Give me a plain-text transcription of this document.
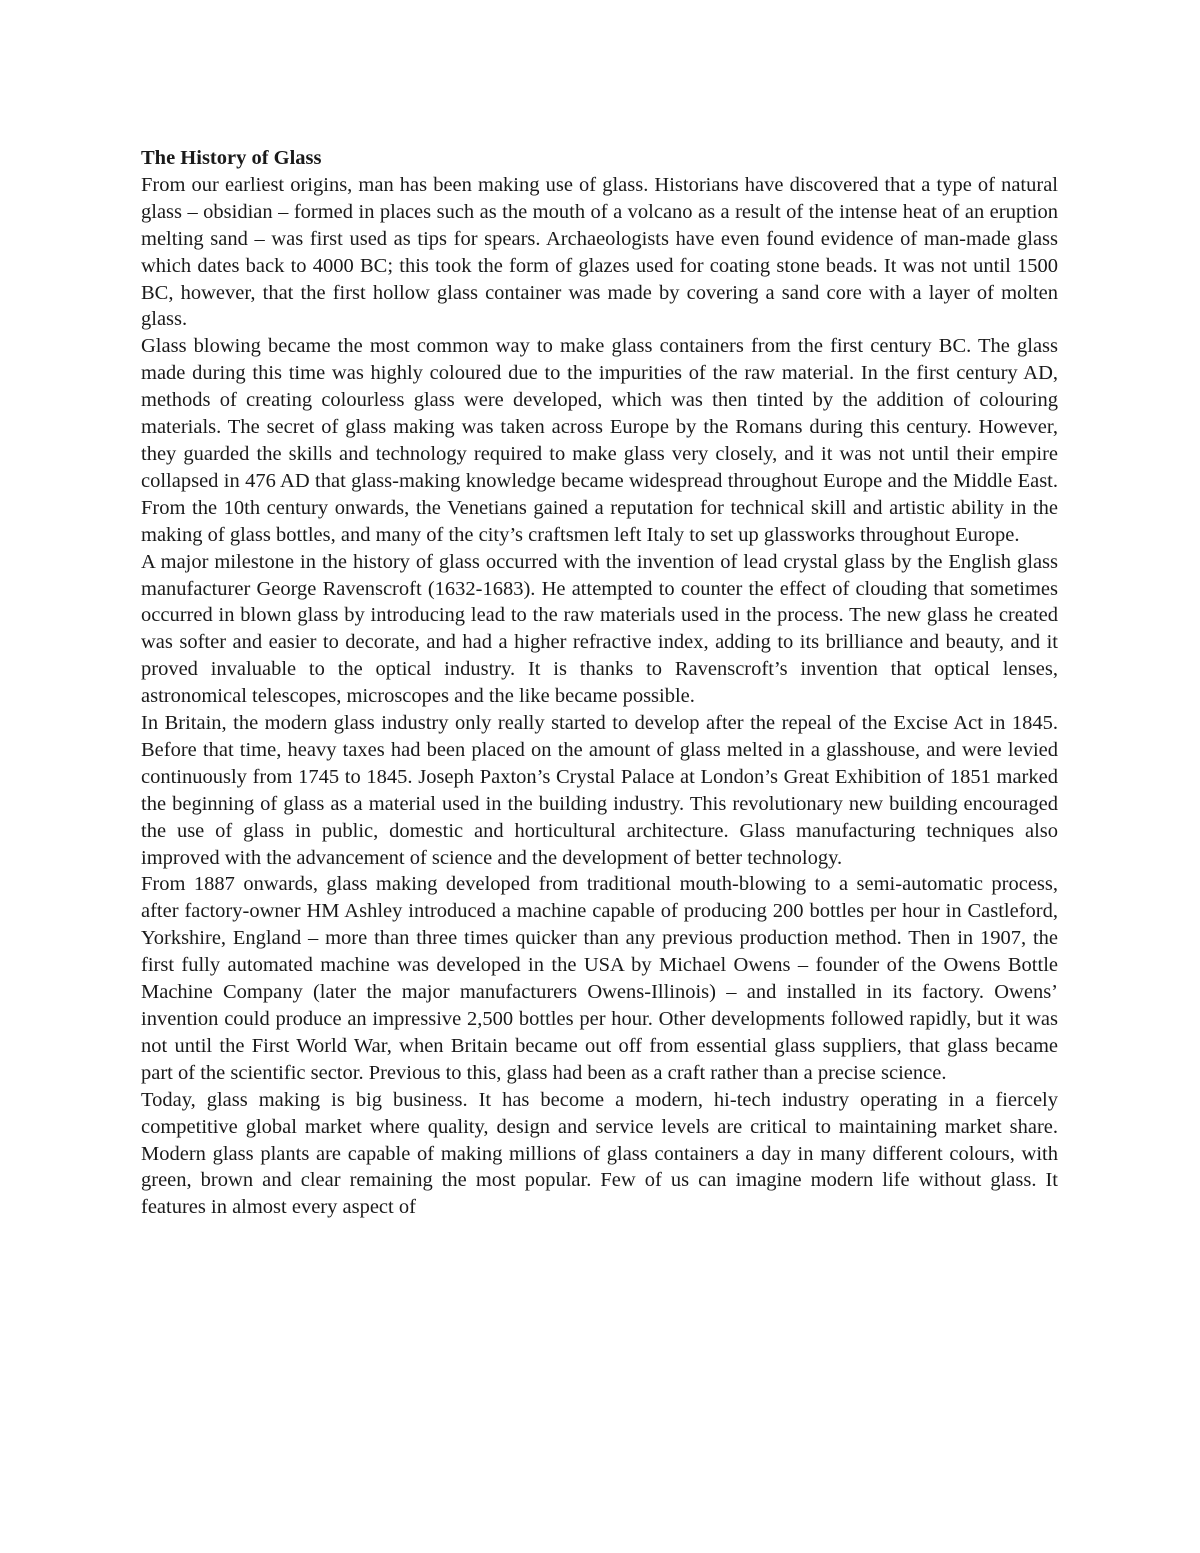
The History of Glass
From our earliest origins, man has been making use of glass. Historians have discovered that a type of natural glass – obsidian – formed in places such as the mouth of a volcano as a result of the intense heat of an eruption melting sand – was first used as tips for spears. Archaeologists have even found evidence of man-made glass which dates back to 4000 BC; this took the form of glazes used for coating stone beads. It was not until 1500 BC, however, that the first hollow glass container was made by covering a sand core with a layer of molten glass.
Glass blowing became the most common way to make glass containers from the first century BC. The glass made during this time was highly coloured due to the impurities of the raw material. In the first century AD, methods of creating colourless glass were developed, which was then tinted by the addition of colouring materials. The secret of glass making was taken across Europe by the Romans during this century. However, they guarded the skills and technology required to make glass very closely, and it was not until their empire collapsed in 476 AD that glass-making knowledge became widespread throughout Europe and the Middle East. From the 10th century onwards, the Venetians gained a reputation for technical skill and artistic ability in the making of glass bottles, and many of the city’s craftsmen left Italy to set up glassworks throughout Europe.
A major milestone in the history of glass occurred with the invention of lead crystal glass by the English glass manufacturer George Ravenscroft (1632-1683). He attempted to counter the effect of clouding that sometimes occurred in blown glass by introducing lead to the raw materials used in the process. The new glass he created was softer and easier to decorate, and had a higher refractive index, adding to its brilliance and beauty, and it proved invaluable to the optical industry. It is thanks to Ravenscroft’s invention that optical lenses, astronomical telescopes, microscopes and the like became possible.
In Britain, the modern glass industry only really started to develop after the repeal of the Excise Act in 1845. Before that time, heavy taxes had been placed on the amount of glass melted in a glasshouse, and were levied continuously from 1745 to 1845. Joseph Paxton’s Crystal Palace at London’s Great Exhibition of 1851 marked the beginning of glass as a material used in the building industry. This revolutionary new building encouraged the use of glass in public, domestic and horticultural architecture. Glass manufacturing techniques also improved with the advancement of science and the development of better technology.
From 1887 onwards, glass making developed from traditional mouth-blowing to a semi-automatic process, after factory-owner HM Ashley introduced a machine capable of producing 200 bottles per hour in Castleford, Yorkshire, England – more than three times quicker than any previous production method. Then in 1907, the first fully automated machine was developed in the USA by Michael Owens – founder of the Owens Bottle Machine Company (later the major manufacturers Owens-Illinois) – and installed in its factory. Owens’ invention could produce an impressive 2,500 bottles per hour. Other developments followed rapidly, but it was not until the First World War, when Britain became out off from essential glass suppliers, that glass became part of the scientific sector. Previous to this, glass had been as a craft rather than a precise science.
Today, glass making is big business. It has become a modern, hi-tech industry operating in a fiercely competitive global market where quality, design and service levels are critical to maintaining market share. Modern glass plants are capable of making millions of glass containers a day in many different colours, with green, brown and clear remaining the most popular. Few of us can imagine modern life without glass. It features in almost every aspect of
